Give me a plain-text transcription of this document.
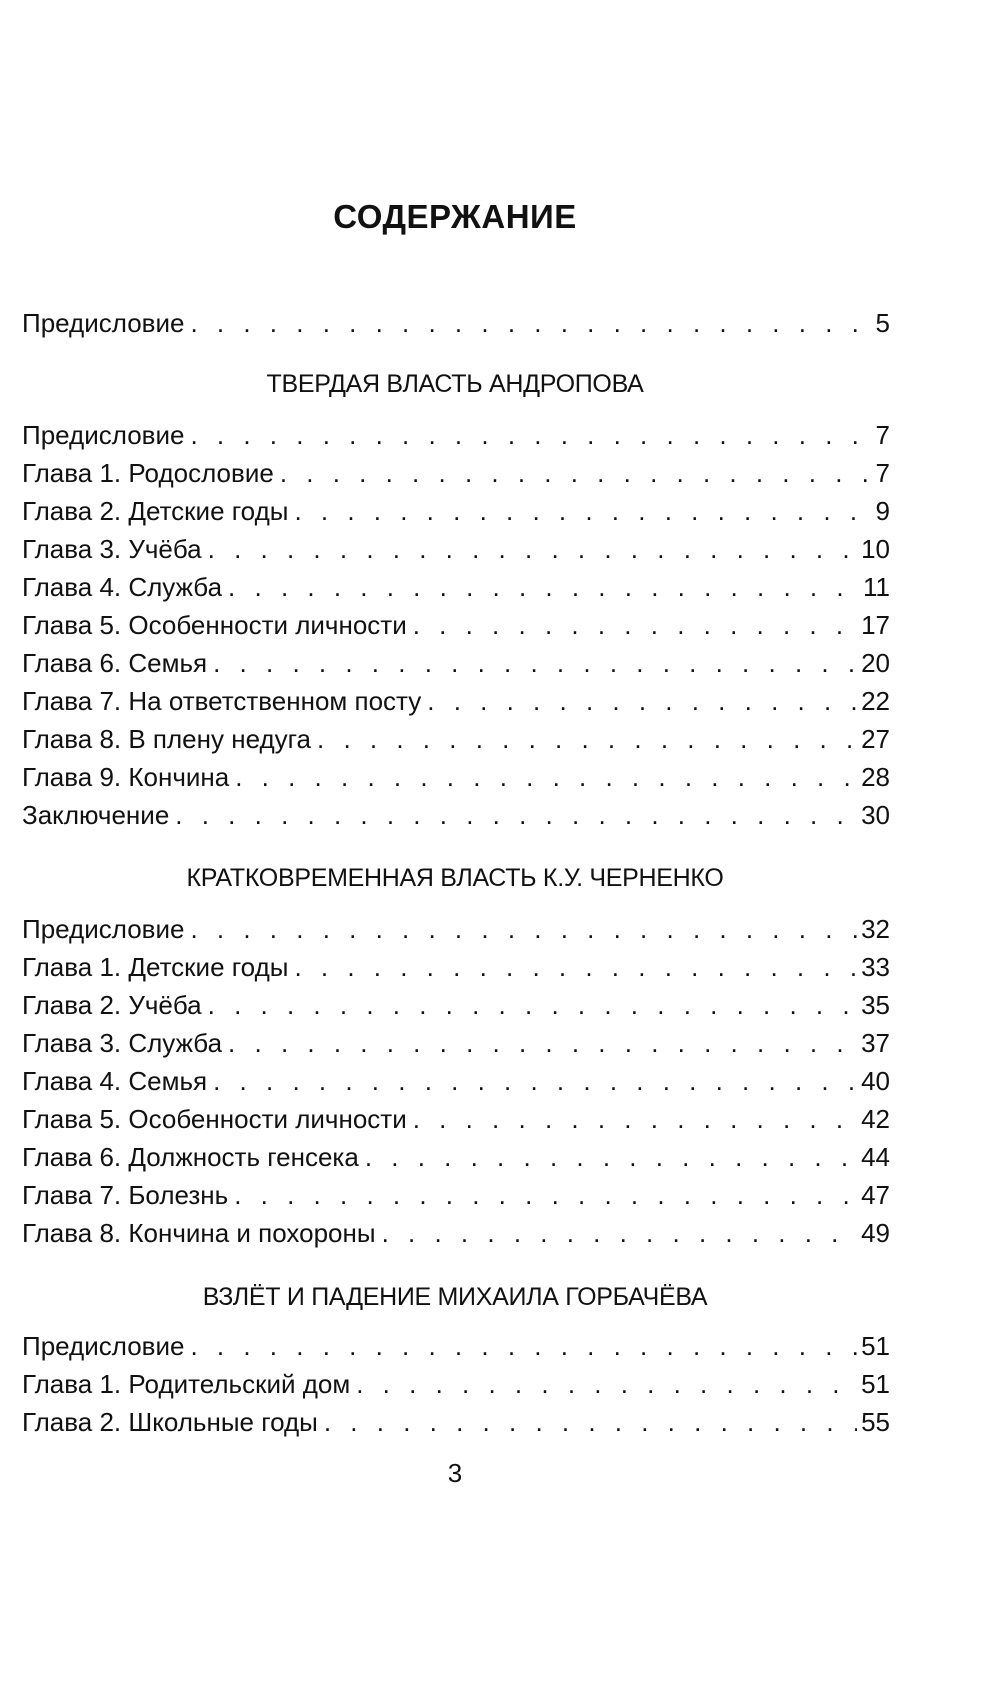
СОДЕРЖАНИЕ
Предисловие . . .	5
ТВЕРДАЯ ВЛАСТЬ АНДРОПОВА
Предисловие . . .	7
Глава 1. Родословие . . .	7
Глава 2. Детские годы . . .	9
Глава 3. Учёба . . .	10
Глава 4. Служба . . .	11
Глава 5. Особенности личности . . .	17
Глава 6. Семья . . .	20
Глава 7. На ответственном посту . . .	22
Глава 8. В плену недуга . . .	27
Глава 9. Кончина . . .	28
Заключение . . .	30
КРАТКОВРЕМЕННАЯ ВЛАСТЬ К.У. ЧЕРНЕНКО
Предисловие . . .	32
Глава 1. Детские годы . . .	33
Глава 2. Учёба . . .	35
Глава 3. Служба . . .	37
Глава 4. Семья . . .	40
Глава 5. Особенности личности . . .	42
Глава 6. Должность генсека . . .	44
Глава 7. Болезнь . . .	47
Глава 8. Кончина и похороны . . .	49
ВЗЛЁТ И ПАДЕНИЕ МИХАИЛА ГОРБАЧЁВА
Предисловие . . .	51
Глава 1. Родительский дом . . .	51
Глава 2. Школьные годы . . .	55
3
